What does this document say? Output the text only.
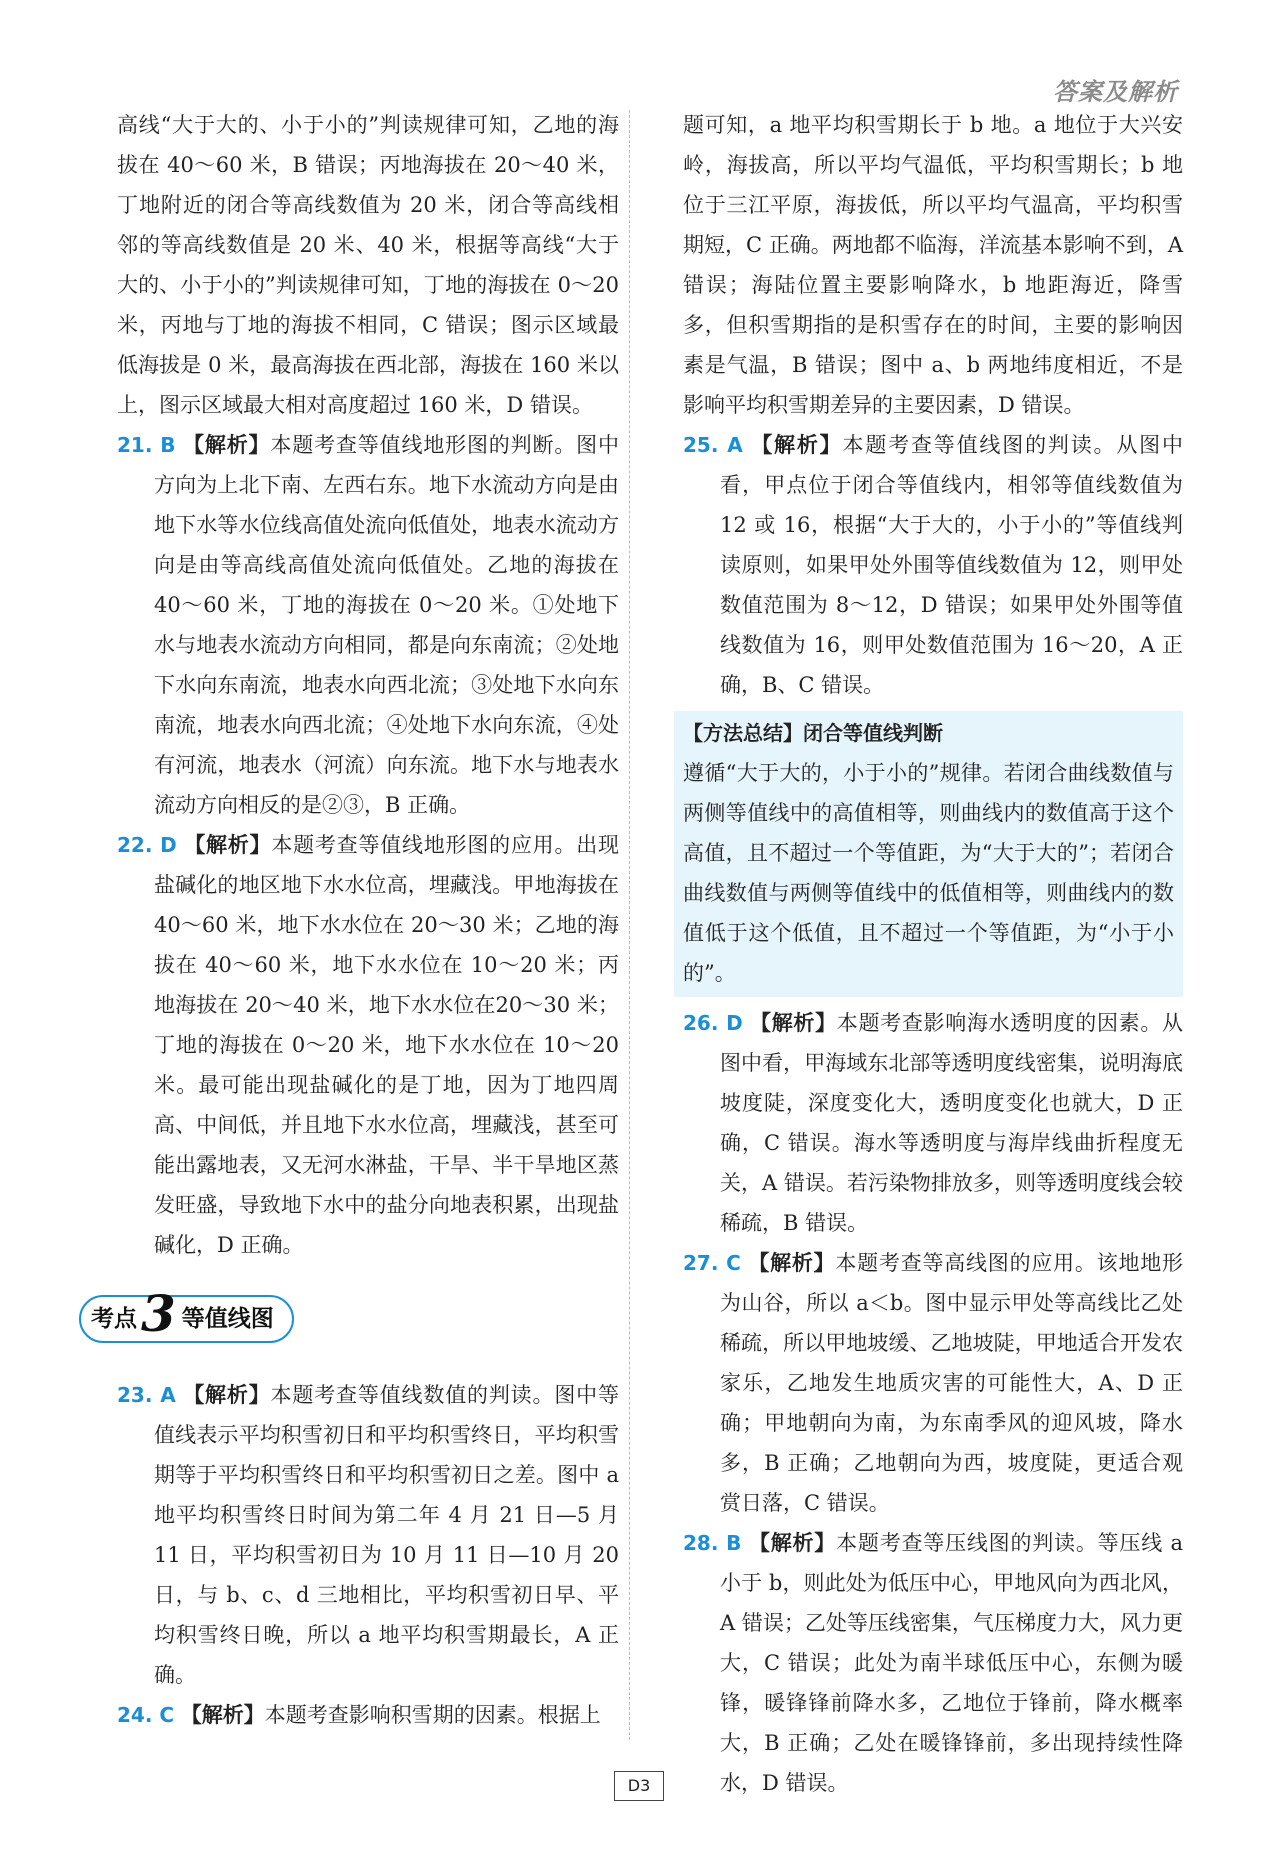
答案及解析
高线“大于大的、小于小的”判读规律可知，乙地的海拔在 40～60 米，B 错误；丙地海拔在 20～40 米，丁地附近的闭合等高线数值为 20 米，闭合等高线相邻的等高线数值是 20 米、40 米，根据等高线“大于大的、小于小的”判读规律可知，丁地的海拔在 0～20 米，丙地与丁地的海拔不相同，C 错误；图示区域最低海拔是 0 米，最高海拔在西北部，海拔在 160 米以上，图示区域最大相对高度超过 160 米，D 错误。
21. B 【解析】本题考查等值线地形图的判断。图中方向为上北下南、左西右东。地下水流动方向是由地下水等水位线高值处流向低值处，地表水流动方向是由等高线高值处流向低值处。乙地的海拔在 40～60 米，丁地的海拔在 0～20 米。①处地下水与地表水流动方向相同，都是向东南流；②处地下水向东南流，地表水向西北流；③处地下水向东南流，地表水向西北流；④处地下水向东流，④处有河流，地表水（河流）向东流。地下水与地表水流动方向相反的是②③，B 正确。
22. D 【解析】本题考查等值线地形图的应用。出现盐碱化的地区地下水水位高，埋藏浅。甲地海拔在 40～60 米，地下水水位在 20～30 米；乙地的海拔在 40～60 米，地下水水位在 10～20 米；丙地海拔在 20～40 米，地下水水位在20～30 米；丁地的海拔在 0～20 米，地下水水位在 10～20 米。最可能出现盐碱化的是丁地，因为丁地四周高、中间低，并且地下水水位高，埋藏浅，甚至可能出露地表，又无河水淋盐，干旱、半干旱地区蒸发旺盛，导致地下水中的盐分向地表积累，出现盐碱化，D 正确。
考点 3 等值线图
23. A 【解析】本题考查等值线数值的判读。图中等值线表示平均积雪初日和平均积雪终日，平均积雪期等于平均积雪终日和平均积雪初日之差。图中 a 地平均积雪终日时间为第二年 4 月 21 日—5 月 11 日，平均积雪初日为 10 月 11 日—10 月 20 日，与 b、c、d 三地相比，平均积雪初日早、平均积雪终日晚，所以 a 地平均积雪期最长，A 正确。
24. C 【解析】本题考查影响积雪期的因素。根据上
题可知，a 地平均积雪期长于 b 地。a 地位于大兴安岭，海拔高，所以平均气温低，平均积雪期长；b 地位于三江平原，海拔低，所以平均气温高，平均积雪期短，C 正确。两地都不临海，洋流基本影响不到，A 错误；海陆位置主要影响降水，b 地距海近，降雪多，但积雪期指的是积雪存在的时间，主要的影响因素是气温，B 错误；图中 a、b 两地纬度相近，不是影响平均积雪期差异的主要因素，D 错误。
25. A 【解析】本题考查等值线图的判读。从图中看，甲点位于闭合等值线内，相邻等值线数值为 12 或 16，根据“大于大的，小于小的”等值线判读原则，如果甲处外围等值线数值为 12，则甲处数值范围为 8～12，D 错误；如果甲处外围等值线数值为 16，则甲处数值范围为 16～20，A 正确，B、C 错误。
【方法总结】闭合等值线判断
遵循“大于大的，小于小的”规律。若闭合曲线数值与两侧等值线中的高值相等，则曲线内的数值高于这个高值，且不超过一个等值距，为“大于大的”；若闭合曲线数值与两侧等值线中的低值相等，则曲线内的数值低于这个低值，且不超过一个等值距，为“小于小的”。
26. D 【解析】本题考查影响海水透明度的因素。从图中看，甲海域东北部等透明度线密集，说明海底坡度陡，深度变化大，透明度变化也就大，D 正确，C 错误。海水等透明度与海岸线曲折程度无关，A 错误。若污染物排放多，则等透明度线会较稀疏，B 错误。
27. C 【解析】本题考查等高线图的应用。该地地形为山谷，所以 a＜b。图中显示甲处等高线比乙处稀疏，所以甲地坡缓、乙地坡陡，甲地适合开发农家乐，乙地发生地质灾害的可能性大，A、D 正确；甲地朝向为南，为东南季风的迎风坡，降水多，B 正确；乙地朝向为西，坡度陡，更适合观赏日落，C 错误。
28. B 【解析】本题考查等压线图的判读。等压线 a 小于 b，则此处为低压中心，甲地风向为西北风，A 错误；乙处等压线密集，气压梯度力大，风力更大，C 错误；此处为南半球低压中心，东侧为暖锋，暖锋锋前降水多，乙地位于锋前，降水概率大，B 正确；乙处在暖锋锋前，多出现持续性降水，D 错误。
D3
